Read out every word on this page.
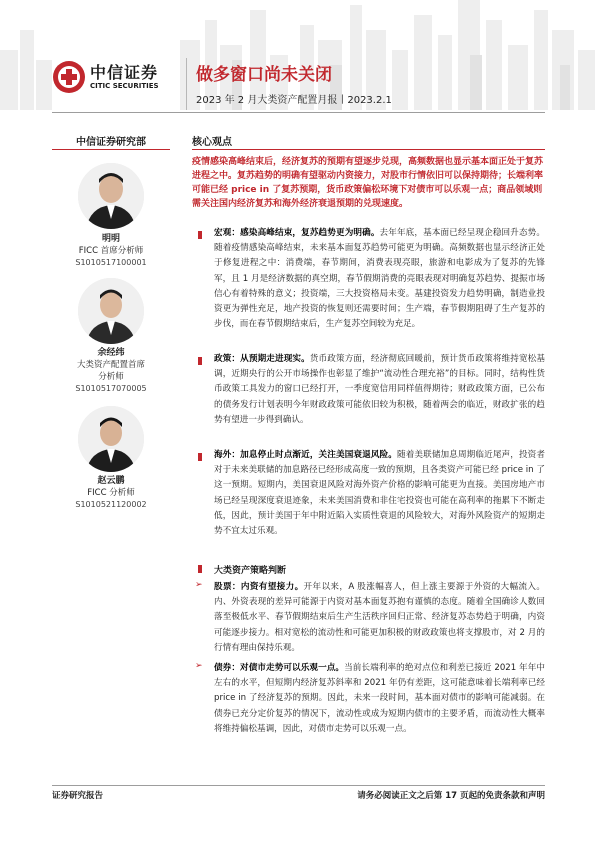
中信证券
CITIC SECURITIES
做多窗口尚未关闭
2023 年 2 月大类资产配置月报丨2023.2.1
中信证券研究部
明明
FICC 首席分析师
S1010517100001
余经纬
大类资产配置首席
分析师
S1010517070005
赵云鹏
FICC 分析师
S1010521120002
核心观点
疫情感染高峰结束后，经济复苏的预期有望逐步兑现，高频数据也显示基本面正处于复苏进程之中。复苏趋势的明确有望驱动内资接力，对股市行情依旧可以保持期待；长端利率可能已经 price in 了复苏预期，货币政策偏松环境下对债市可以乐观一点；商品领域则需关注国内经济复苏和海外经济衰退预期的兑现速度。
宏观：感染高峰结束，复苏趋势更为明确。去年年底，基本面已经呈现企稳回升态势。随着疫情感染高峰结束，未来基本面复苏趋势可能更为明确。高频数据也显示经济正处于修复进程之中：消费端，春节期间，消费表现亮眼，旅游和电影成为了复苏的先锋军，且 1 月是经济数据的真空期，春节假期消费的亮眼表现对明确复苏趋势、提振市场信心有着特殊的意义；投资端，三大投资格局未变。基建投资发力趋势明确，制造业投资更为弹性充足，地产投资的恢复则还需要时间；生产端，春节假期阻碍了生产复苏的步伐，而在春节假期结束后，生产复苏空间较为充足。
政策：从预期走进现实。货币政策方面，经济彻底回暖前，预计货币政策将维持宽松基调，近期央行的公开市场操作也彰显了维护“流动性合理充裕”的目标。同时，结构性货币政策工具发力的窗口已经打开，一季度宽信用同样值得期待；财政政策方面，已公布的债务发行计划表明今年财政政策可能依旧较为积极，随着两会的临近，财政扩张的趋势有望进一步得到确认。
海外：加息停止时点渐近，关注美国衰退风险。随着美联储加息周期临近尾声，投资者对于未来美联储的加息路径已经形成高度一致的预期，且各类资产可能已经 price in 了这一预期。短期内，美国衰退风险对海外资产价格的影响可能更为直接。美国房地产市场已经呈现深度衰退迹象，未来美国消费和非住宅投资也可能在高利率的拖累下不断走低，因此，预计美国于年中附近陷入实质性衰退的风险较大，对海外风险资产的短期走势不宜太过乐观。
大类资产策略判断
➢ 股票：内资有望接力。开年以来，A 股涨幅喜人，但上涨主要源于外资的大幅流入。内、外资表现的差异可能源于内资对基本面复苏抱有谨慎的态度。随着全国确诊人数回落至极低水平、春节假期结束后生产生活秩序回归正常、经济复苏态势趋于明确，内资可能逐步接力。相对宽松的流动性和可能更加积极的财政政策也将支撑股市，对 2 月的行情有理由保持乐观。
➢ 债券：对债市走势可以乐观一点。当前长端利率的绝对点位和利差已接近 2021 年年中左右的水平，但短期内经济复苏斜率和 2021 年仍有差距，这可能意味着长端利率已经 price in 了经济复苏的预期。因此，未来一段时间，基本面对债市的影响可能减弱。在债券已充分定价复苏的情况下，流动性或成为短期内债市的主要矛盾，而流动性大概率将维持偏松基调，因此，对债市走势可以乐观一点。
证券研究报告	请务必阅读正文之后第 17 页起的免责条款和声明
